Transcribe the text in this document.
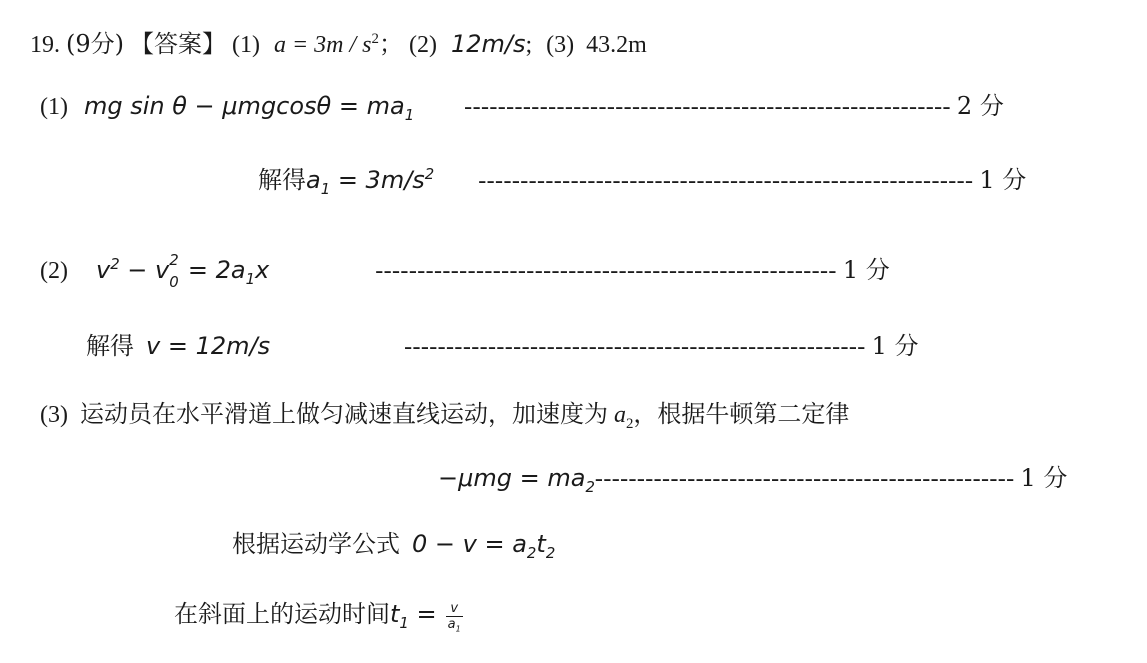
19. (9分) 【答案】 (1) $a = 3m / s^2$； (2) 12m/s; (3) 43.2m
(1) mg $\sin \theta - \mu mgcos\theta = ma_1$ ---------------------------------------------------------- 2 分
解得$a_1 = 3m/s^2$ ----------------------------------------------------------- 1 分
(2) $v^2 - v$ 2
$0 = 2a_1x$	------------------------------------------------------- 1 分
解得 v = 12m/s	------------------------------------------------------- 1 分
(3) 运动员在水平滑道上做匀减速直线运动，加速度为 $a_2$，根据牛顿第二定律
$-\mu mg = ma_2--------------------------------------------------$ 1 分
根据运动学公式 $0 - v = a_2t_2$
在斜面上的运动时间$t_1 = \frac{v}{a_1}$
